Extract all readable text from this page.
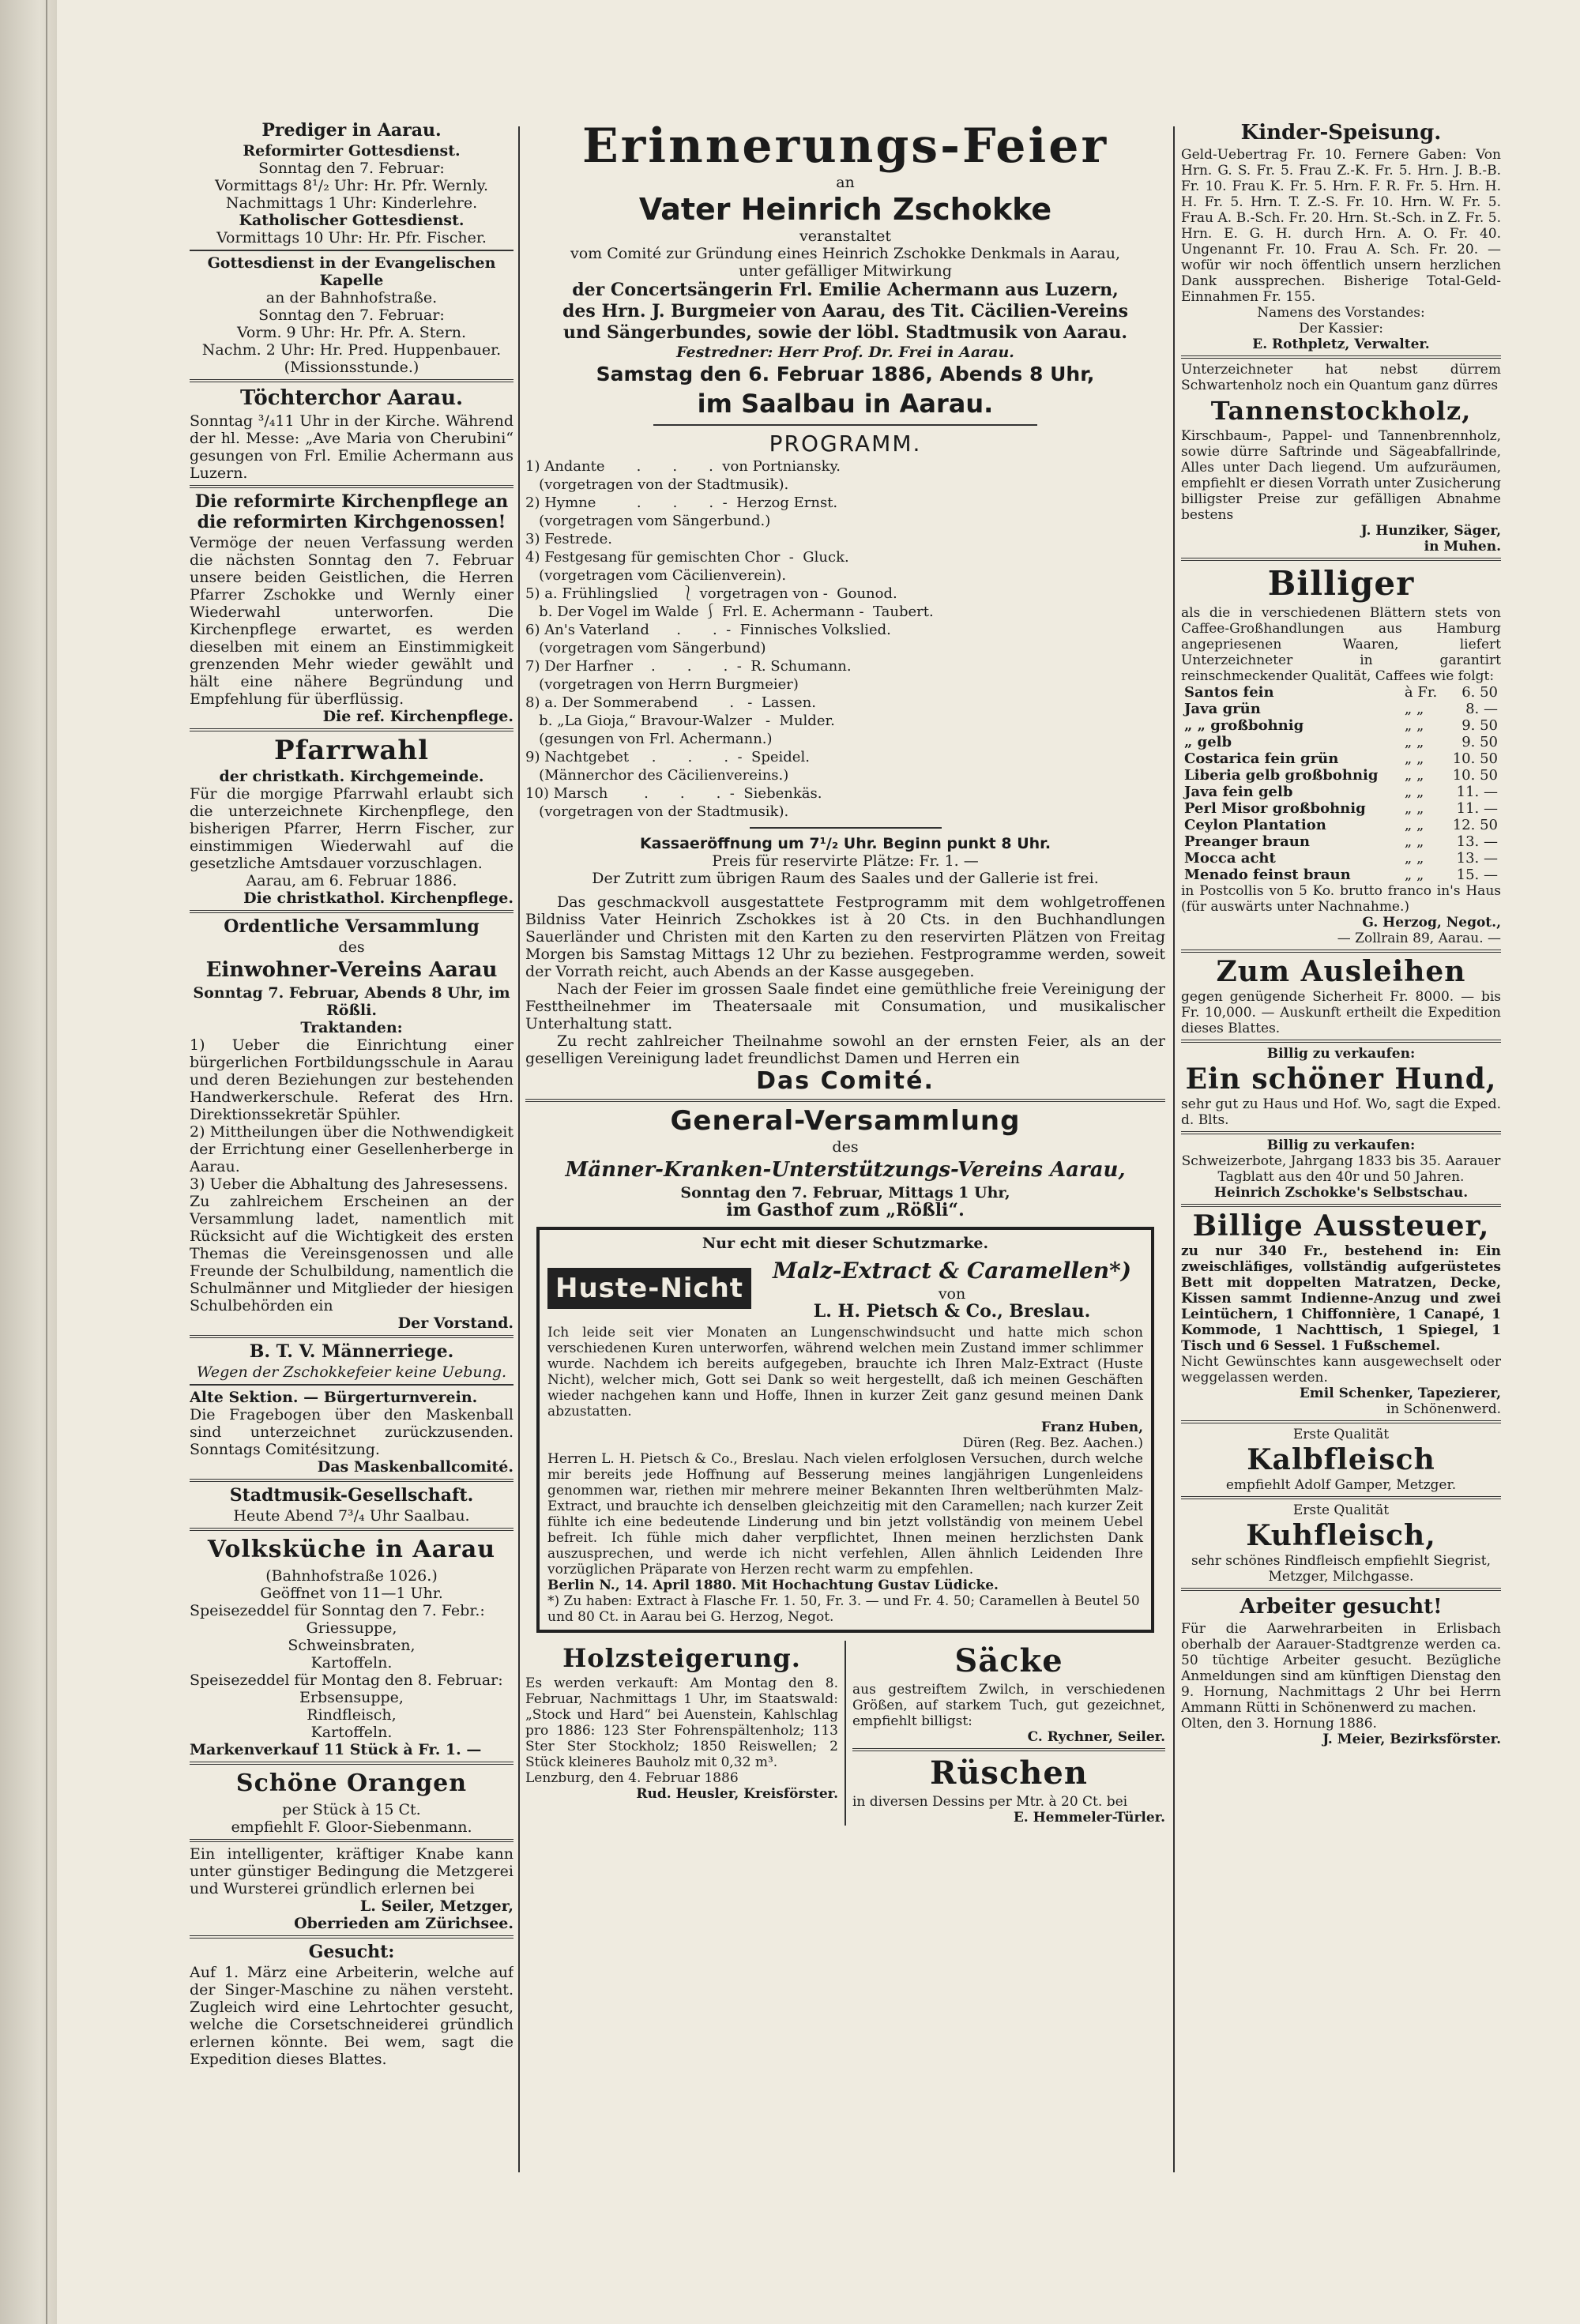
Prediger in Aarau.

Reformirter Gottesdienst.

Sonntag den 7. Februar:

Vormittags 8¹/₂ Uhr: Hr. Pfr. Wernly.

Nachmittags 1 Uhr: Kinderlehre.

Katholischer Gottesdienst.

Vormittags 10 Uhr: Hr. Pfr. Fischer.

Gottesdienst in der Evangelischen Kapelle

an der Bahnhofstraße.

Sonntag den 7. Februar:

Vorm. 9 Uhr: Hr. Pfr. A. Stern.

Nachm. 2 Uhr: Hr. Pred. Huppenbauer.

(Missionsstunde.)

Töchterchor Aarau.

Sonntag ³/₄11 Uhr in der Kirche. Während der hl. Messe: „Ave Maria von Cherubini“ gesungen von Frl. Emilie Achermann aus Luzern.

Die reformirte Kirchenpflege an die reformirten Kirchgenossen!

Vermöge der neuen Verfassung werden die nächsten Sonntag den 7. Februar unsere beiden Geistlichen, die Herren Pfarrer Zschokke und Wernly einer Wiederwahl unterworfen. Die Kirchenpflege erwartet, es werden dieselben mit einem an Einstimmigkeit grenzenden Mehr wieder gewählt und hält eine nähere Begründung und Empfehlung für überflüssig.

Die ref. Kirchenpflege.

Pfarrwahl

der christkath. Kirchgemeinde.

Für die morgige Pfarrwahl erlaubt sich die unterzeichnete Kirchenpflege, den bisherigen Pfarrer, Herrn Fischer, zur einstimmigen Wiederwahl auf die gesetzliche Amtsdauer vorzuschlagen.

Aarau, am 6. Februar 1886.

Die christkathol. Kirchenpflege.

Ordentliche Versammlung

des

Einwohner-Vereins Aarau

Sonntag 7. Februar, Abends 8 Uhr, im Rößli.

Traktanden:

1) Ueber die Einrichtung einer bürgerlichen Fortbildungsschule in Aarau und deren Beziehungen zur bestehenden Handwerkerschule. Referat des Hrn. Direktionssekretär Spühler.

2) Mittheilungen über die Nothwendigkeit der Errichtung einer Gesellenherberge in Aarau.

3) Ueber die Abhaltung des Jahresessens.

Zu zahlreichem Erscheinen an der Versammlung ladet, namentlich mit Rücksicht auf die Wichtigkeit des ersten Themas die Vereinsgenossen und alle Freunde der Schulbildung, namentlich die Schulmänner und Mitglieder der hiesigen Schulbehörden ein

Der Vorstand.

B. T. V. Männerriege.

Wegen der Zschokkefeier keine Uebung.

Alte Sektion. — Bürgerturnverein.

Die Fragebogen über den Maskenball sind unterzeichnet zurückzusenden. Sonntags Comitésitzung.

Das Maskenballcomité.

Stadtmusik-Gesellschaft.

Heute Abend 7³/₄ Uhr Saalbau.

Volksküche in Aarau

(Bahnhofstraße 1026.)

Geöffnet von 11—1 Uhr.

Speisezeddel für Sonntag den 7. Febr.:

Griessuppe,

Schweinsbraten,

Kartoffeln.

Speisezeddel für Montag den 8. Februar:

Erbsensuppe,

Rindfleisch,

Kartoffeln.

Markenverkauf 11 Stück à Fr. 1. —

Schöne Orangen

per Stück à 15 Ct.

empfiehlt F. Gloor-Siebenmann.

Ein intelligenter, kräftiger Knabe kann unter günstiger Bedingung die Metzgerei und Wursterei gründlich erlernen bei

L. Seiler, Metzger,

Oberrieden am Zürichsee.

Gesucht:

Auf 1. März eine Arbeiterin, welche auf der Singer-Maschine zu nähen versteht. Zugleich wird eine Lehrtochter gesucht, welche die Corsetschneiderei gründlich erlernen könnte. Bei wem, sagt die Expedition dieses Blattes.

Erinnerungs-Feier

an

Vater Heinrich Zschokke

veranstaltet

vom Comité zur Gründung eines Heinrich Zschokke Denkmals in Aarau,

unter gefälliger Mitwirkung

der Concertsängerin Frl. Emilie Achermann aus Luzern,

des Hrn. J. Burgmeier von Aarau, des Tit. Cäcilien-Vereins

und Sängerbundes, sowie der löbl. Stadtmusik von Aarau.

Festredner: Herr Prof. Dr. Frei in Aarau.

Samstag den 6. Februar 1886, Abends 8 Uhr,

im Saalbau in Aarau.

PROGRAMM.

1) Andante       .       .       .  von Portniansky.

(vorgetragen von der Stadtmusik).

2) Hymne         .       .       .  -  Herzog Ernst.

(vorgetragen vom Sängerbund.)

3) Festrede.

4) Festgesang für gemischten Chor  -  Gluck.

(vorgetragen vom Cäcilienverein).

5) a. Frühlingslied     ⎱ vorgetragen von -  Gounod.

b. Der Vogel im Walde ⎰ Frl. E. Achermann -  Taubert.

6) An's Vaterland      .       .  -  Finnisches Volkslied.

(vorgetragen vom Sängerbund)

7) Der Harfner    .       .       .  -  R. Schumann.

(vorgetragen von Herrn Burgmeier)

8) a. Der Sommerabend       .   -  Lassen.

b. „La Gioja,“ Bravour-Walzer   -  Mulder.

(gesungen von Frl. Achermann.)

9) Nachtgebet     .       .       .  -  Speidel.

(Männerchor des Cäcilienvereins.)

10) Marsch        .       .       .  -  Siebenkäs.

(vorgetragen von der Stadtmusik).

Kassaeröffnung um 7¹/₂ Uhr. Beginn punkt 8 Uhr.

Preis für reservirte Plätze: Fr. 1. —

Der Zutritt zum übrigen Raum des Saales und der Gallerie ist frei.

Das geschmackvoll ausgestattete Festprogramm mit dem wohlgetroffenen Bildniss Vater Heinrich Zschokkes ist à 20 Cts. in den Buchhandlungen Sauerländer und Christen mit den Karten zu den reservirten Plätzen von Freitag Morgen bis Samstag Mittags 12 Uhr zu beziehen. Festprogramme werden, soweit der Vorrath reicht, auch Abends an der Kasse ausgegeben.

Nach der Feier im grossen Saale findet eine gemüthliche freie Vereinigung der Festtheilnehmer im Theatersaale mit Consumation, und musikalischer Unterhaltung statt.

Zu recht zahlreicher Theilnahme sowohl an der ernsten Feier, als an der geselligen Vereinigung ladet freundlichst Damen und Herren ein

Das Comité.

General-Versammlung

des

Männer-Kranken-Unterstützungs-Vereins Aarau,

Sonntag den 7. Februar, Mittags 1 Uhr,

im Gasthof zum „Rößli“.

Nur echt mit dieser Schutzmarke.

Huste-Nicht

Malz-Extract & Caramellen*)

von

L. H. Pietsch & Co., Breslau.

Ich leide seit vier Monaten an Lungenschwindsucht und hatte mich schon verschiedenen Kuren unterworfen, während welchen mein Zustand immer schlimmer wurde. Nachdem ich bereits aufgegeben, brauchte ich Ihren Malz-Extract (Huste Nicht), welcher mich, Gott sei Dank so weit hergestellt, daß ich meinen Geschäften wieder nachgehen kann und Hoffe, Ihnen in kurzer Zeit ganz gesund meinen Dank abzustatten.

Franz Huben,

Düren (Reg. Bez. Aachen.)

Herren L. H. Pietsch & Co., Breslau. Nach vielen erfolglosen Versuchen, durch welche mir bereits jede Hoffnung auf Besserung meines langjährigen Lungenleidens genommen war, riethen mir mehrere meiner Bekannten Ihren weltberühmten Malz-Extract, und brauchte ich denselben gleichzeitig mit den Caramellen; nach kurzer Zeit fühlte ich eine bedeutende Linderung und bin jetzt vollständig von meinem Uebel befreit. Ich fühle mich daher verpflichtet, Ihnen meinen herzlichsten Dank auszusprechen, und werde ich nicht verfehlen, Allen ähnlich Leidenden Ihre vorzüglichen Präparate von Herzen recht warm zu empfehlen.

Berlin N., 14. April 1880. Mit Hochachtung Gustav Lüdicke.

*) Zu haben: Extract à Flasche Fr. 1. 50, Fr. 3. — und Fr. 4. 50; Caramellen à Beutel 50 und 80 Ct. in Aarau bei G. Herzog, Negot.

Holzsteigerung.

Es werden verkauft: Am Montag den 8. Februar, Nachmittags 1 Uhr, im Staatswald: „Stock und Hard“ bei Auenstein, Kahlschlag pro 1886: 123 Ster Fohrenspältenholz; 113 Ster Ster Stockholz; 1850 Reiswellen; 2 Stück kleineres Bauholz mit 0,32 m³.

Lenzburg, den 4. Februar 1886

Rud. Heusler, Kreisförster.

Säcke

aus gestreiftem Zwilch, in verschiedenen Größen, auf starkem Tuch, gut gezeichnet, empfiehlt billigst:

C. Rychner, Seiler.

Rüschen

in diversen Dessins per Mtr. à 20 Ct. bei

E. Hemmeler-Türler.

Kinder-Speisung.

Geld-Uebertrag Fr. 10. Fernere Gaben: Von Hrn. G. S. Fr. 5. Frau Z.-K. Fr. 5. Hrn. J. B.-B. Fr. 10. Frau K. Fr. 5. Hrn. F. R. Fr. 5. Hrn. H. H. Fr. 5. Hrn. T. Z.-S. Fr. 10. Hrn. W. Fr. 5. Frau A. B.-Sch. Fr. 20. Hrn. St.-Sch. in Z. Fr. 5. Hrn. E. G. H. durch Hrn. A. O. Fr. 40. Ungenannt Fr. 10. Frau A. Sch. Fr. 20. — wofür wir noch öffentlich unsern herzlichen Dank aussprechen. Bisherige Total-Geld-Einnahmen Fr. 155.

Namens des Vorstandes:

Der Kassier:

E. Rothpletz, Verwalter.

Unterzeichneter hat nebst dürrem Schwartenholz noch ein Quantum ganz dürres

Tannenstockholz,

Kirschbaum-, Pappel- und Tannenbrennholz, sowie dürre Saftrinde und Sägeabfallrinde, Alles unter Dach liegend. Um aufzuräumen, empfiehlt er diesen Vorrath unter Zusicherung billigster Preise zur gefälligen Abnahme bestens

J. Hunziker, Säger,

in Muhen.

Billiger

als die in verschiedenen Blättern stets von Caffee-Großhandlungen aus Hamburg angepriesenen Waaren, liefert Unterzeichneter in garantirt reinschmeckender Qualität, Caffees wie folgt:

Santos fein	à Fr.	6. 50
Java grün	„ „	8. —
„ „ großbohnig	„ „	9. 50
„ gelb	„ „	9. 50
Costarica fein grün	„ „	10. 50
Liberia gelb großbohnig	„ „	10. 50
Java fein gelb	„ „	11. —
Perl Misor großbohnig	„ „	11. —
Ceylon Plantation	„ „	12. 50
Preanger braun	„ „	13. —
Mocca acht	„ „	13. —
Menado feinst braun	„ „	15. —

in Postcollis von 5 Ko. brutto franco in's Haus (für auswärts unter Nachnahme.)

G. Herzog, Negot.,

— Zollrain 89, Aarau. —

Zum Ausleihen

gegen genügende Sicherheit Fr. 8000. — bis Fr. 10,000. — Auskunft ertheilt die Expedition dieses Blattes.

Billig zu verkaufen:

Ein schöner Hund,

sehr gut zu Haus und Hof. Wo, sagt die Exped. d. Blts.

Billig zu verkaufen:

Schweizerbote, Jahrgang 1833 bis 35. Aarauer Tagblatt aus den 40r und 50 Jahren.

Heinrich Zschokke's Selbstschau.

Billige Aussteuer,

zu nur 340 Fr., bestehend in: Ein zweischläfiges, vollständig aufgerüstetes Bett mit doppelten Matratzen, Decke, Kissen sammt Indienne-Anzug und zwei Leintüchern, 1 Chiffonnière, 1 Canapé, 1 Kommode, 1 Nachttisch, 1 Spiegel, 1 Tisch und 6 Sessel. 1 Fußschemel.

Nicht Gewünschtes kann ausgewechselt oder weggelassen werden.

Emil Schenker, Tapezierer,

in Schönenwerd.

Erste Qualität

Kalbfleisch

empfiehlt Adolf Gamper, Metzger.

Erste Qualität

Kuhfleisch,

sehr schönes Rindfleisch empfiehlt Siegrist, Metzger, Milchgasse.

Arbeiter gesucht!

Für die Aarwehrarbeiten in Erlisbach oberhalb der Aarauer-Stadtgrenze werden ca. 50 tüchtige Arbeiter gesucht. Bezügliche Anmeldungen sind am künftigen Dienstag den 9. Hornung, Nachmittags 2 Uhr bei Herrn Ammann Rütti in Schönenwerd zu machen.

Olten, den 3. Hornung 1886.

J. Meier, Bezirksförster.
